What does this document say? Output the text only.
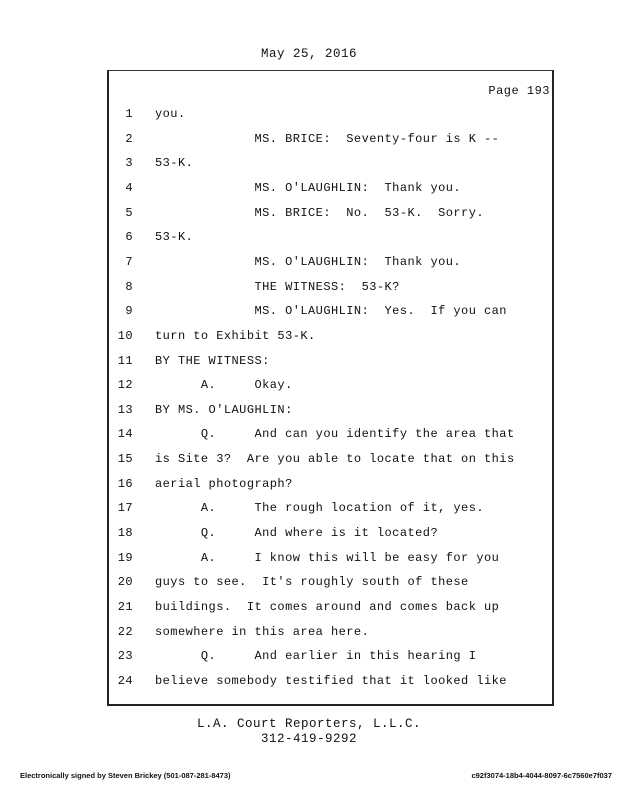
May 25, 2016
Page 193
1 you.
2 MS. BRICE:  Seventy-four is K --
3 53-K.
4 MS. O'LAUGHLIN:  Thank you.
5 MS. BRICE:  No.  53-K.  Sorry.
6 53-K.
7 MS. O'LAUGHLIN:  Thank you.
8 THE WITNESS:  53-K?
9 MS. O'LAUGHLIN:  Yes.  If you can
10 turn to Exhibit 53-K.
11 BY THE WITNESS:
12 A.     Okay.
13 BY MS. O'LAUGHLIN:
14 Q.     And can you identify the area that
15 is Site 3?  Are you able to locate that on this
16 aerial photograph?
17 A.     The rough location of it, yes.
18 Q.     And where is it located?
19 A.     I know this will be easy for you
20 guys to see.  It's roughly south of these
21 buildings.  It comes around and comes back up
22 somewhere in this area here.
23 Q.     And earlier in this hearing I
24 believe somebody testified that it looked like
L.A. Court Reporters, L.L.C.
312-419-9292
Electronically signed by Steven Brickey (501-087-281-8473)	c92f3074-18b4-4044-8097-6c7560e7f037
